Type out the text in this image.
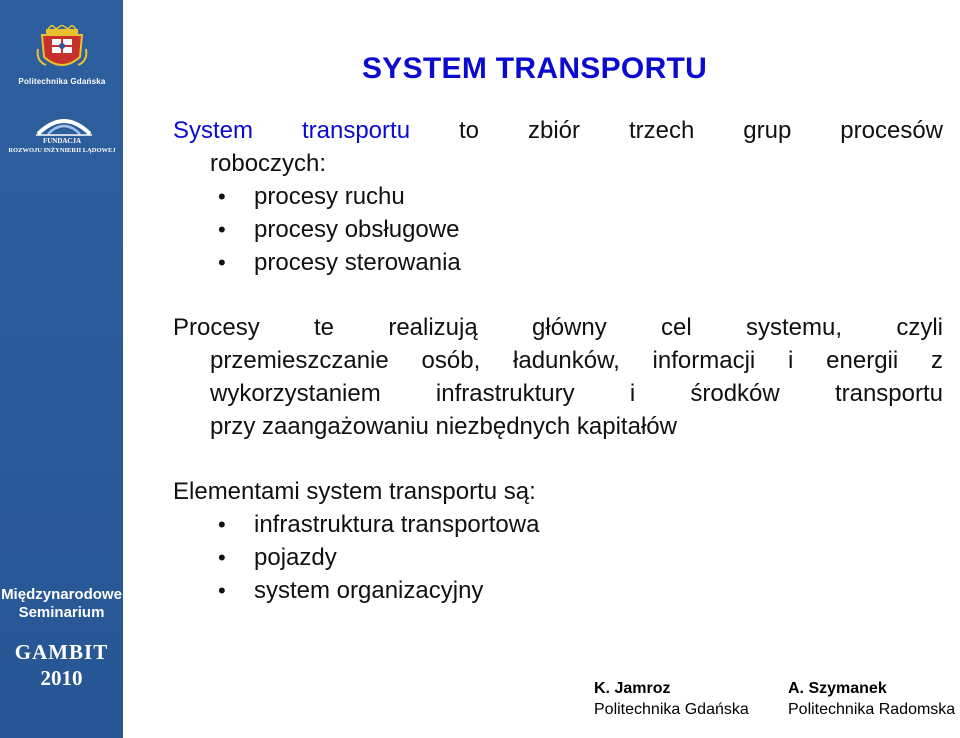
Politechnika Gdańska
FUNDACJA
ROZWOJU INŻYNIERII LĄDOWEJ
Międzynarodowe
Seminarium
GAMBIT
2010
SYSTEM TRANSPORTU
System transportu to zbiór trzech grup procesów
roboczych:
• procesy ruchu
• procesy obsługowe
• procesy sterowania
Procesy te realizują główny cel systemu, czyli
przemieszczanie osób, ładunków, informacji i energii z
wykorzystaniem infrastruktury i środków transportu
przy zaangażowaniu niezbędnych kapitałów
Elementami system transportu są:
• infrastruktura transportowa
• pojazdy
• system organizacyjny
K. Jamroz
Politechnika Gdańska
A. Szymanek
Politechnika Radomska
